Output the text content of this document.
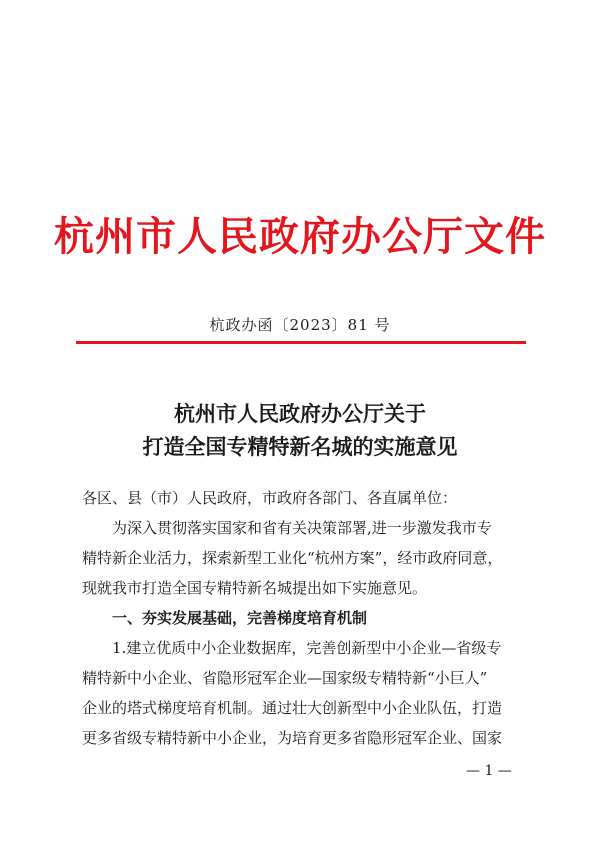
杭州市人民政府办公厅文件
杭政办函〔2023〕81 号
杭州市人民政府办公厅关于
打造全国专精特新名城的实施意见
各区、县（市）人民政府，市政府各部门、各直属单位：
为深入贯彻落实国家和省有关决策部署,进一步激发我市专
精特新企业活力，探索新型工业化“杭州方案”，经市政府同意，
现就我市打造全国专精特新名城提出如下实施意见。
一、夯实发展基础，完善梯度培育机制
1.建立优质中小企业数据库，完善创新型中小企业—省级专
精特新中小企业、省隐形冠军企业—国家级专精特新“小巨人”
企业的塔式梯度培育机制。通过壮大创新型中小企业队伍，打造
更多省级专精特新中小企业，为培育更多省隐形冠军企业、国家
— 1 —
